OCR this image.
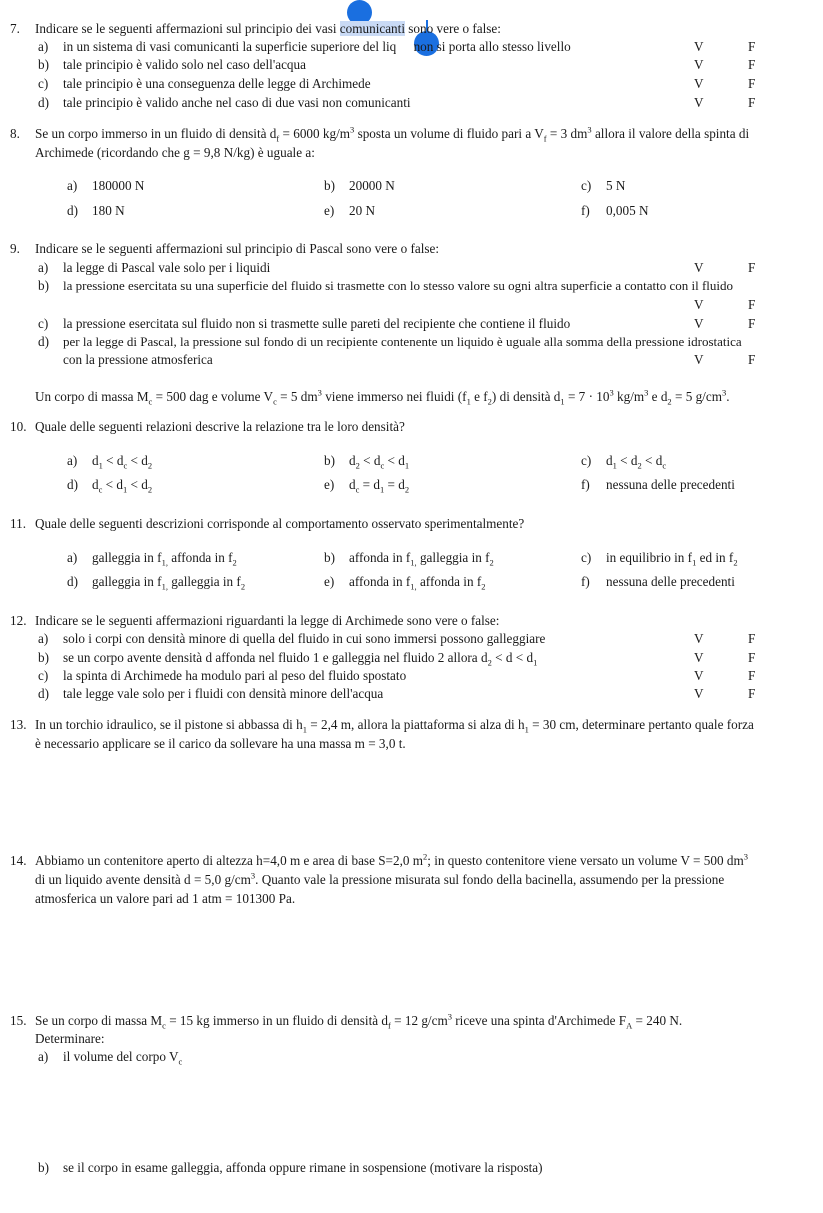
7. Indicare se le seguenti affermazioni sul principio dei vasi comunicanti sono vere o false:
a) in un sistema di vasi comunicanti la superficie superiore del liq non si porta allo stesso livello	V	F
b) tale principio è valido solo nel caso dell'acqua	V	F
c) tale principio è una conseguenza delle legge di Archimede	V	F
d) tale principio è valido anche nel caso di due vasi non comunicanti	V	F
8. Se un corpo immerso in un fluido di densità $d_f = 6000$ $kg/m^3$ sposta un volume di fluido pari a $V_f = 3$ $dm^3$ allora il valore della spinta di
Archimede (ricordando che g = 9,8 N/kg) è uguale a:
a) 180000 N	b) 20000 N	c) 5 N
d) 180 N	e) 20 N	f) 0,005 N
9. Indicare se le seguenti affermazioni sul principio di Pascal sono vere o false:
a) la legge di Pascal vale solo per i liquidi	V	F
b) la pressione esercitata su una superficie del fluido si trasmette con lo stesso valore su ogni altra superficie a contatto con il fluido
V	F
c) la pressione esercitata sul fluido non si trasmette sulle pareti del recipiente che contiene il fluido	V	F
d) per la legge di Pascal, la pressione sul fondo di un recipiente contenente un liquido è uguale alla somma della pressione idrostatica
con la pressione atmosferica	V	F
Un corpo di massa $M_c = 500$ dag e volume $V_c = 5$ $dm^3$ viene immerso nei fluidi ($f_1$ e $f_2$) di densità $d_1 = 7 \cdot 10^3$ $kg/m^3$ e $d_2 = 5$ $g/cm^3$.
10. Quale delle seguenti relazioni descrive la relazione tra le loro densità?
a) $d_1 < d_c < d_2$	b) $d_2 < d_c < d_1$	c) $d_1 < d_2 < d_c$
d) $d_c < d_1 < d_2$	e) $d_c = d_1 = d_2$	f) nessuna delle precedenti
11. Quale delle seguenti descrizioni corrisponde al comportamento osservato sperimentalmente?
a) galleggia in $f_{1,}$ affonda in $f_2$	b) affonda in $f_{1,}$ galleggia in $f_2$	c) in equilibrio in $f_1$ ed in $f_2$
d) galleggia in $f_{1,}$ galleggia in $f_2$	e) affonda in $f_{1,}$ affonda in $f_2$	f) nessuna delle precedenti
12. Indicare se le seguenti affermazioni riguardanti la legge di Archimede sono vere o false:
a) solo i corpi con densità minore di quella del fluido in cui sono immersi possono galleggiare	V	F
b) se un corpo avente densità d affonda nel fluido 1 e galleggia nel fluido 2 allora $d_2 < d < d_1$	V	F
c) la spinta di Archimede ha modulo pari al peso del fluido spostato	V	F
d) tale legge vale solo per i fluidi con densità minore dell'acqua	V	F
13. In un torchio idraulico, se il pistone si abbassa di $h_1 = 2,4$ m, allora la piattaforma si alza di $h_1 = 30$ cm, determinare pertanto quale forza
è necessario applicare se il carico da sollevare ha una massa m = 3,0 t.
14. Abbiamo un contenitore aperto di altezza h=4,0 m e area di base S=2,0 $m^2$; in questo contenitore viene versato un volume V = 500 $dm^3$
di un liquido avente densità d = 5,0 $g/cm^3$. Quanto vale la pressione misurata sul fondo della bacinella, assumendo per la pressione
atmosferica un valore pari ad 1 atm = 101300 Pa.
15. Se un corpo di massa $M_c = 15$ kg immerso in un fluido di densità $d_f = 12$ $g/cm^3$ riceve una spinta d'Archimede $F_A = 240$ N.
Determinare:
a) il volume del corpo $V_c$
b) se il corpo in esame galleggia, affonda oppure rimane in sospensione (motivare la risposta)
